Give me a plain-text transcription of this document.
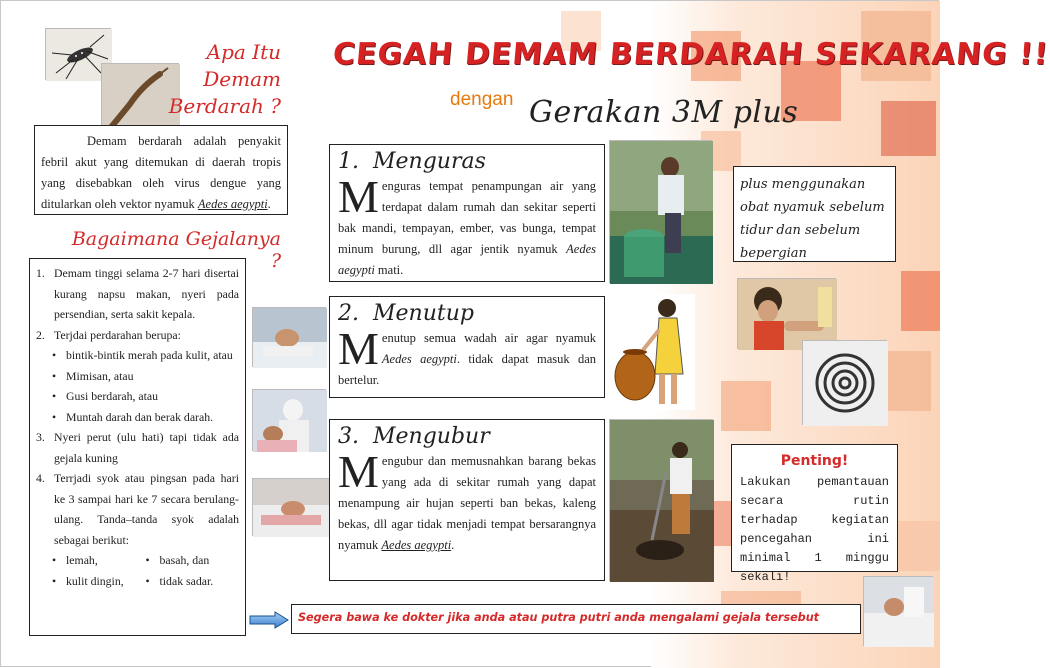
Apa Itu
Demam
Berdarah ?
CEGAH DEMAM BERDARAH SEKARANG !!
dengan Gerakan 3M plus
Demam berdarah adalah penyakit febril akut yang ditemukan di daerah tropis yang disebabkan oleh virus dengue yang ditularkan oleh vektor nyamuk Aedes aegypti.
Bagaimana Gejalanya ?
1. Demam tinggi selama 2-7 hari disertai kurang napsu makan, nyeri pada persendian, serta sakit kepala.
2. Terjdai perdarahan berupa:
• bintik-bintik merah pada kulit, atau
• Mimisan, atau
• Gusi berdarah, atau
• Muntah darah dan berak darah.
3. Nyeri perut (ulu hati) tapi tidak ada gejala kuning
4. Terrjadi syok atau pingsan pada hari ke 3 sampai hari ke 7 secara berulang-ulang. Tanda–tanda syok adalah sebagai berikut:
• lemah,	• basah, dan
• kulit dingin, • tidak sadar.
1. Menguras
Menguras tempat penampungan air yang terdapat dalam rumah dan sekitar seperti bak mandi, tempayan, ember, vas bunga, tempat minum burung, dll agar jentik nyamuk Aedes aegypti mati.
2. Menutup
Menutup semua wadah air agar nyamuk Aedes aegypti. tidak dapat masuk dan bertelur.
3. Mengubur
Mengubur dan memusnahkan barang bekas yang ada di sekitar rumah yang dapat menampung air hujan seperti ban bekas, kaleng bekas, dll agar tidak menjadi tempat bersarangnya nyamuk Aedes aegypti.
plus menggunakan obat nyamuk sebelum tidur dan sebelum bepergian
Penting!
Lakukan pemantauan secara rutin terhadap kegiatan pencegahan ini minimal 1 minggu sekali!
Segera bawa ke dokter jika anda atau putra putri anda mengalami gejala tersebut
